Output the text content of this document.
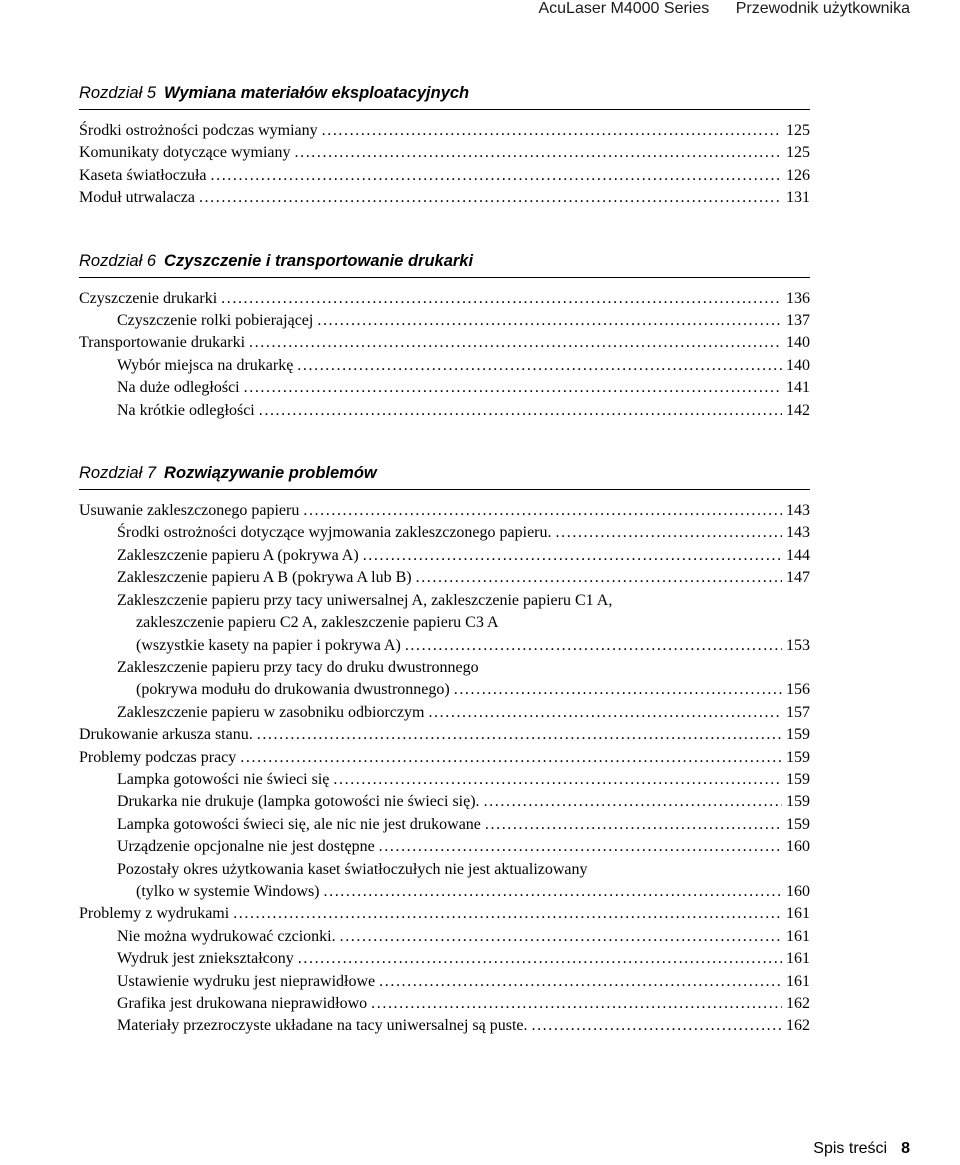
AcuLaser M4000 Series Przewodnik użytkownika
Rozdział 5 Wymiana materiałów eksploatacyjnych
Środki ostrożności podczas wymiany . . .	125
Komunikaty dotyczące wymiany . . .	125
Kaseta światłoczuła . . .	126
Moduł utrwalacza . . .	131
Rozdział 6 Czyszczenie i transportowanie drukarki
Czyszczenie drukarki . . .	136
Czyszczenie rolki pobierającej . . .	137
Transportowanie drukarki . . .	140
Wybór miejsca na drukarkę . . .	140
Na duże odległości . . .	141
Na krótkie odległości . . .	142
Rozdział 7 Rozwiązywanie problemów
Usuwanie zakleszczonego papieru . . .	143
Środki ostrożności dotyczące wyjmowania zakleszczonego papieru. . . .	143
Zakleszczenie papieru A (pokrywa A) . . .	144
Zakleszczenie papieru A B (pokrywa A lub B) . . .	147
Zakleszczenie papieru przy tacy uniwersalnej A, zakleszczenie papieru C1 A,
zakleszczenie papieru C2 A, zakleszczenie papieru C3 A
(wszystkie kasety na papier i pokrywa A) . . .	153
Zakleszczenie papieru przy tacy do druku dwustronnego
(pokrywa modułu do drukowania dwustronnego) . . .	156
Zakleszczenie papieru w zasobniku odbiorczym . . .	157
Drukowanie arkusza stanu. . . .	159
Problemy podczas pracy . . .	159
Lampka gotowości nie świeci się . . .	159
Drukarka nie drukuje (lampka gotowości nie świeci się). . . .	159
Lampka gotowości świeci się, ale nic nie jest drukowane . . .	159
Urządzenie opcjonalne nie jest dostępne . . .	160
Pozostały okres użytkowania kaset światłoczułych nie jest aktualizowany
(tylko w systemie Windows) . . .	160
Problemy z wydrukami . . .	161
Nie można wydrukować czcionki. . . .	161
Wydruk jest zniekształcony . . .	161
Ustawienie wydruku jest nieprawidłowe . . .	161
Grafika jest drukowana nieprawidłowo . . .	162
Materiały przezroczyste układane na tacy uniwersalnej są puste. . . .	162
Spis treści 8
